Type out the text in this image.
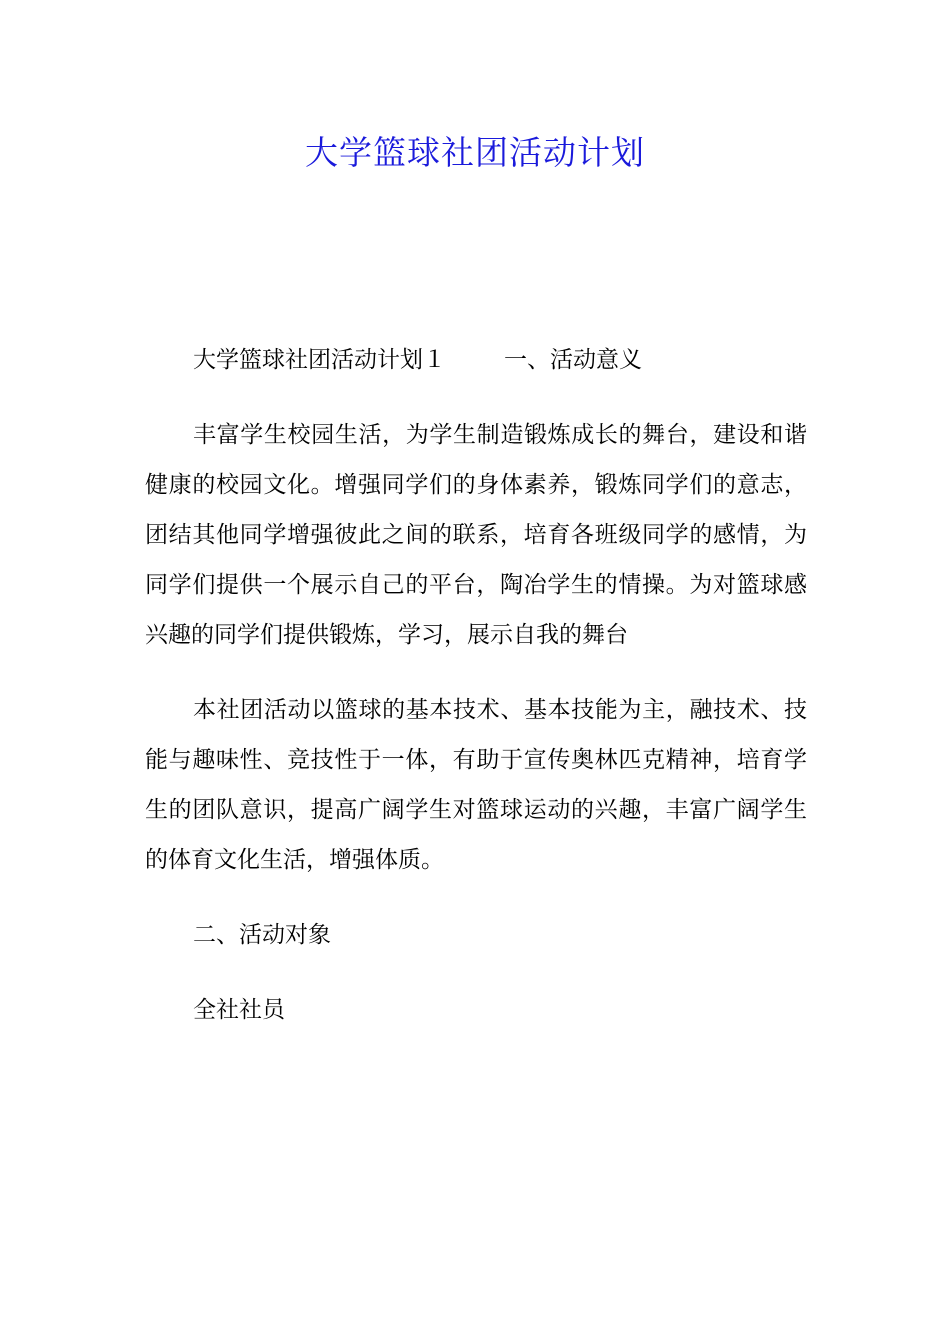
大学篮球社团活动计划

大学篮球社团活动计划１	一、活动意义

丰富学生校园生活，为学生制造锻炼成长的舞台，建设和谐健康的校园文化。增强同学们的身体素养，锻炼同学们的意志，团结其他同学增强彼此之间的联系，培育各班级同学的感情，为同学们提供一个展示自己的平台，陶冶学生的情操。为对篮球感兴趣的同学们提供锻炼，学习，展示自我的舞台

本社团活动以篮球的基本技术、基本技能为主，融技术、技能与趣味性、竞技性于一体，有助于宣传奥林匹克精神，培育学生的团队意识，提高广阔学生对篮球运动的兴趣，丰富广阔学生的体育文化生活，增强体质。

二、活动对象

全社社员
